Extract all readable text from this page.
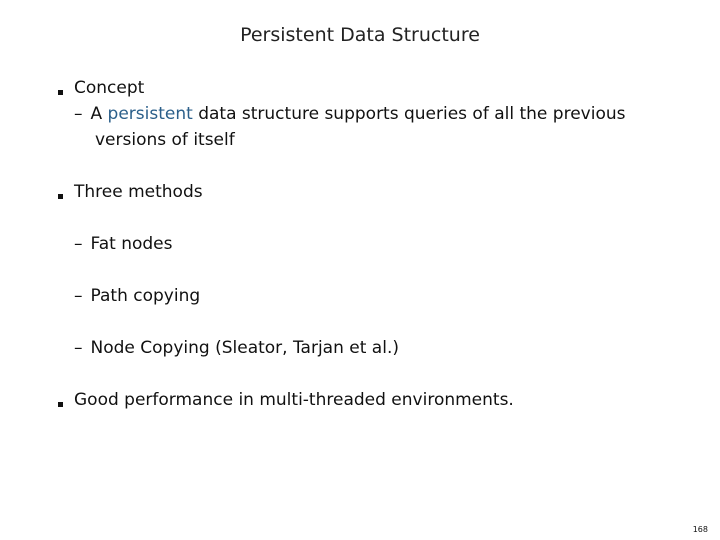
Persistent Data Structure
Concept
– A persistent data structure supports queries of all the previous
versions of itself
Three methods
– Fat nodes
– Path copying
– Node Copying (Sleator, Tarjan et al.)
Good performance in multi-threaded environments.
168
